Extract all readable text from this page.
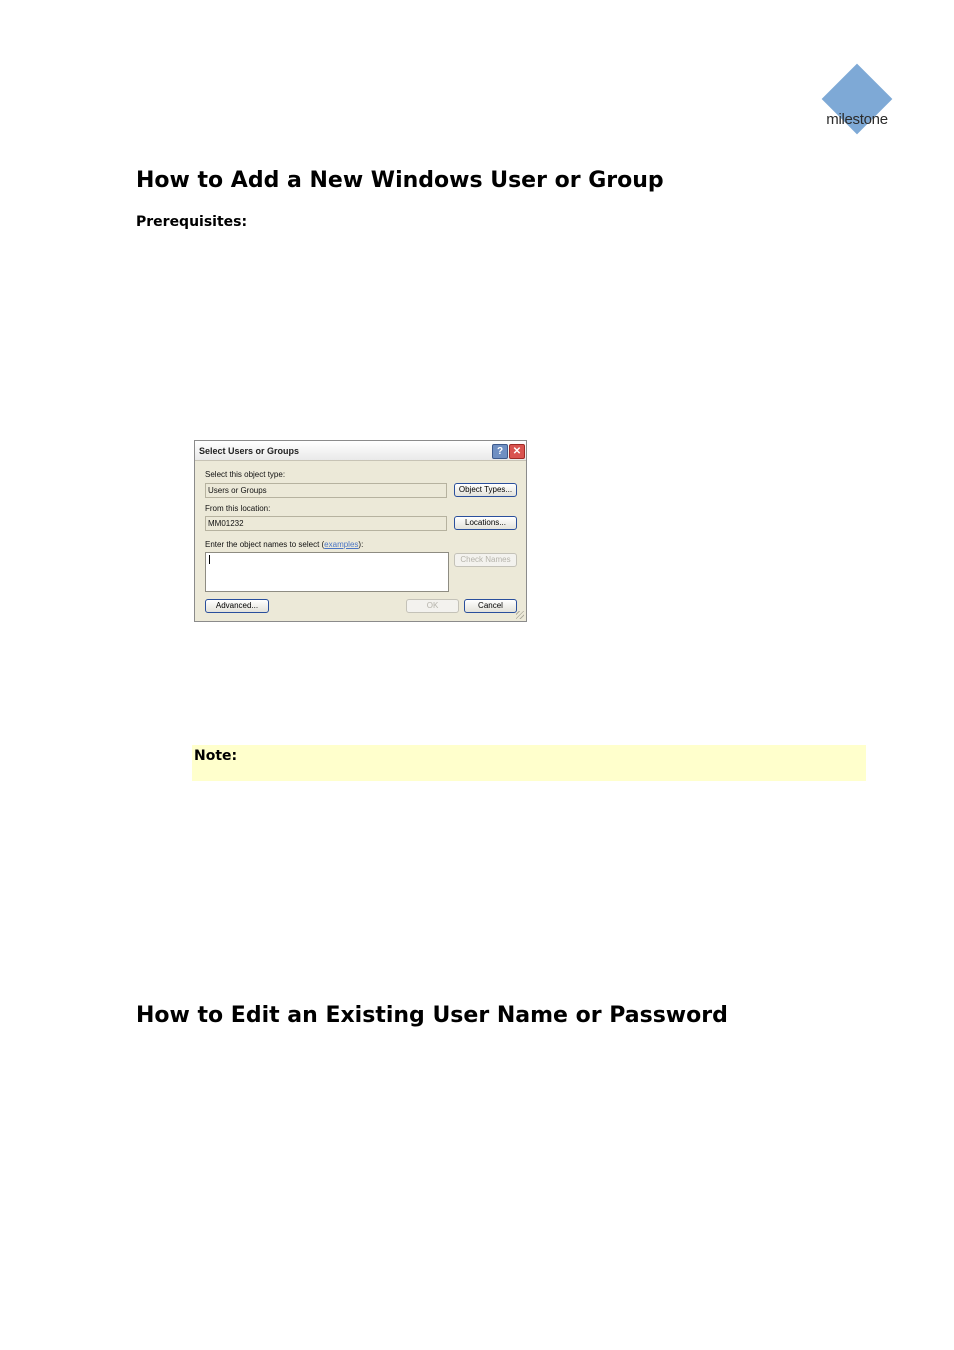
milestone
How to Add a New Windows User or Group
Prerequisites:
Select Users or Groups	? ✕
Select this object type:
Users or Groups	Object Types...
From this location:
MM01232	Locations...
Enter the object names to select (examples):
Check Names
Advanced...	OK	Cancel
Note:
How to Edit an Existing User Name or Password
